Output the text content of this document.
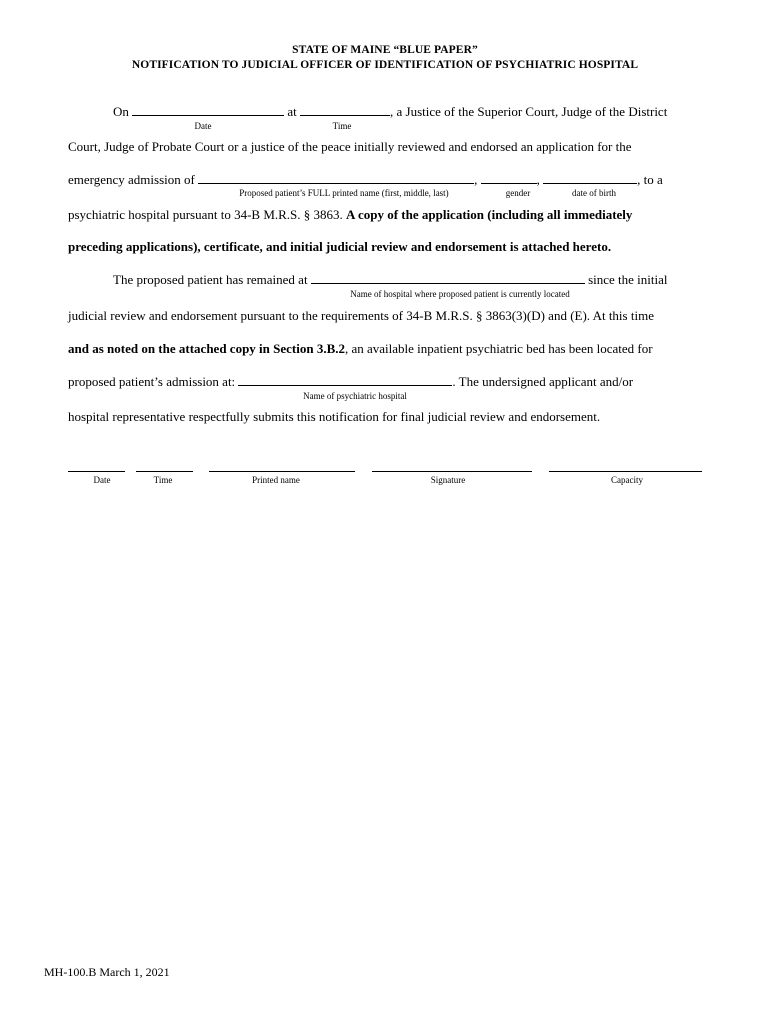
STATE OF MAINE “BLUE PAPER”
NOTIFICATION TO JUDICIAL OFFICER OF IDENTIFICATION OF PSYCHIATRIC HOSPITAL
On	at	, a Justice of the Superior Court, Judge of the District
Date	Time
Court, Judge of Probate Court or a justice of the peace initially reviewed and endorsed an application for the
emergency admission of	,	,	, to a
Proposed patient’s FULL printed name (first, middle, last)	gender	date of birth
psychiatric hospital pursuant to 34-B M.R.S. § 3863. A copy of the application (including all immediately
preceding applications), certificate, and initial judicial review and endorsement is attached hereto.
The proposed patient has remained at	since the initial
Name of hospital where proposed patient is currently located
judicial review and endorsement pursuant to the requirements of 34-B M.R.S. § 3863(3)(D) and (E). At this time
and as noted on the attached copy in Section 3.B.2, an available inpatient psychiatric bed has been located for
proposed patient’s admission at:	. The undersigned applicant and/or
Name of psychiatric hospital
hospital representative respectfully submits this notification for final judicial review and endorsement.
Date	Time	Printed name	Signature	Capacity
MH-100.B March 1, 2021
